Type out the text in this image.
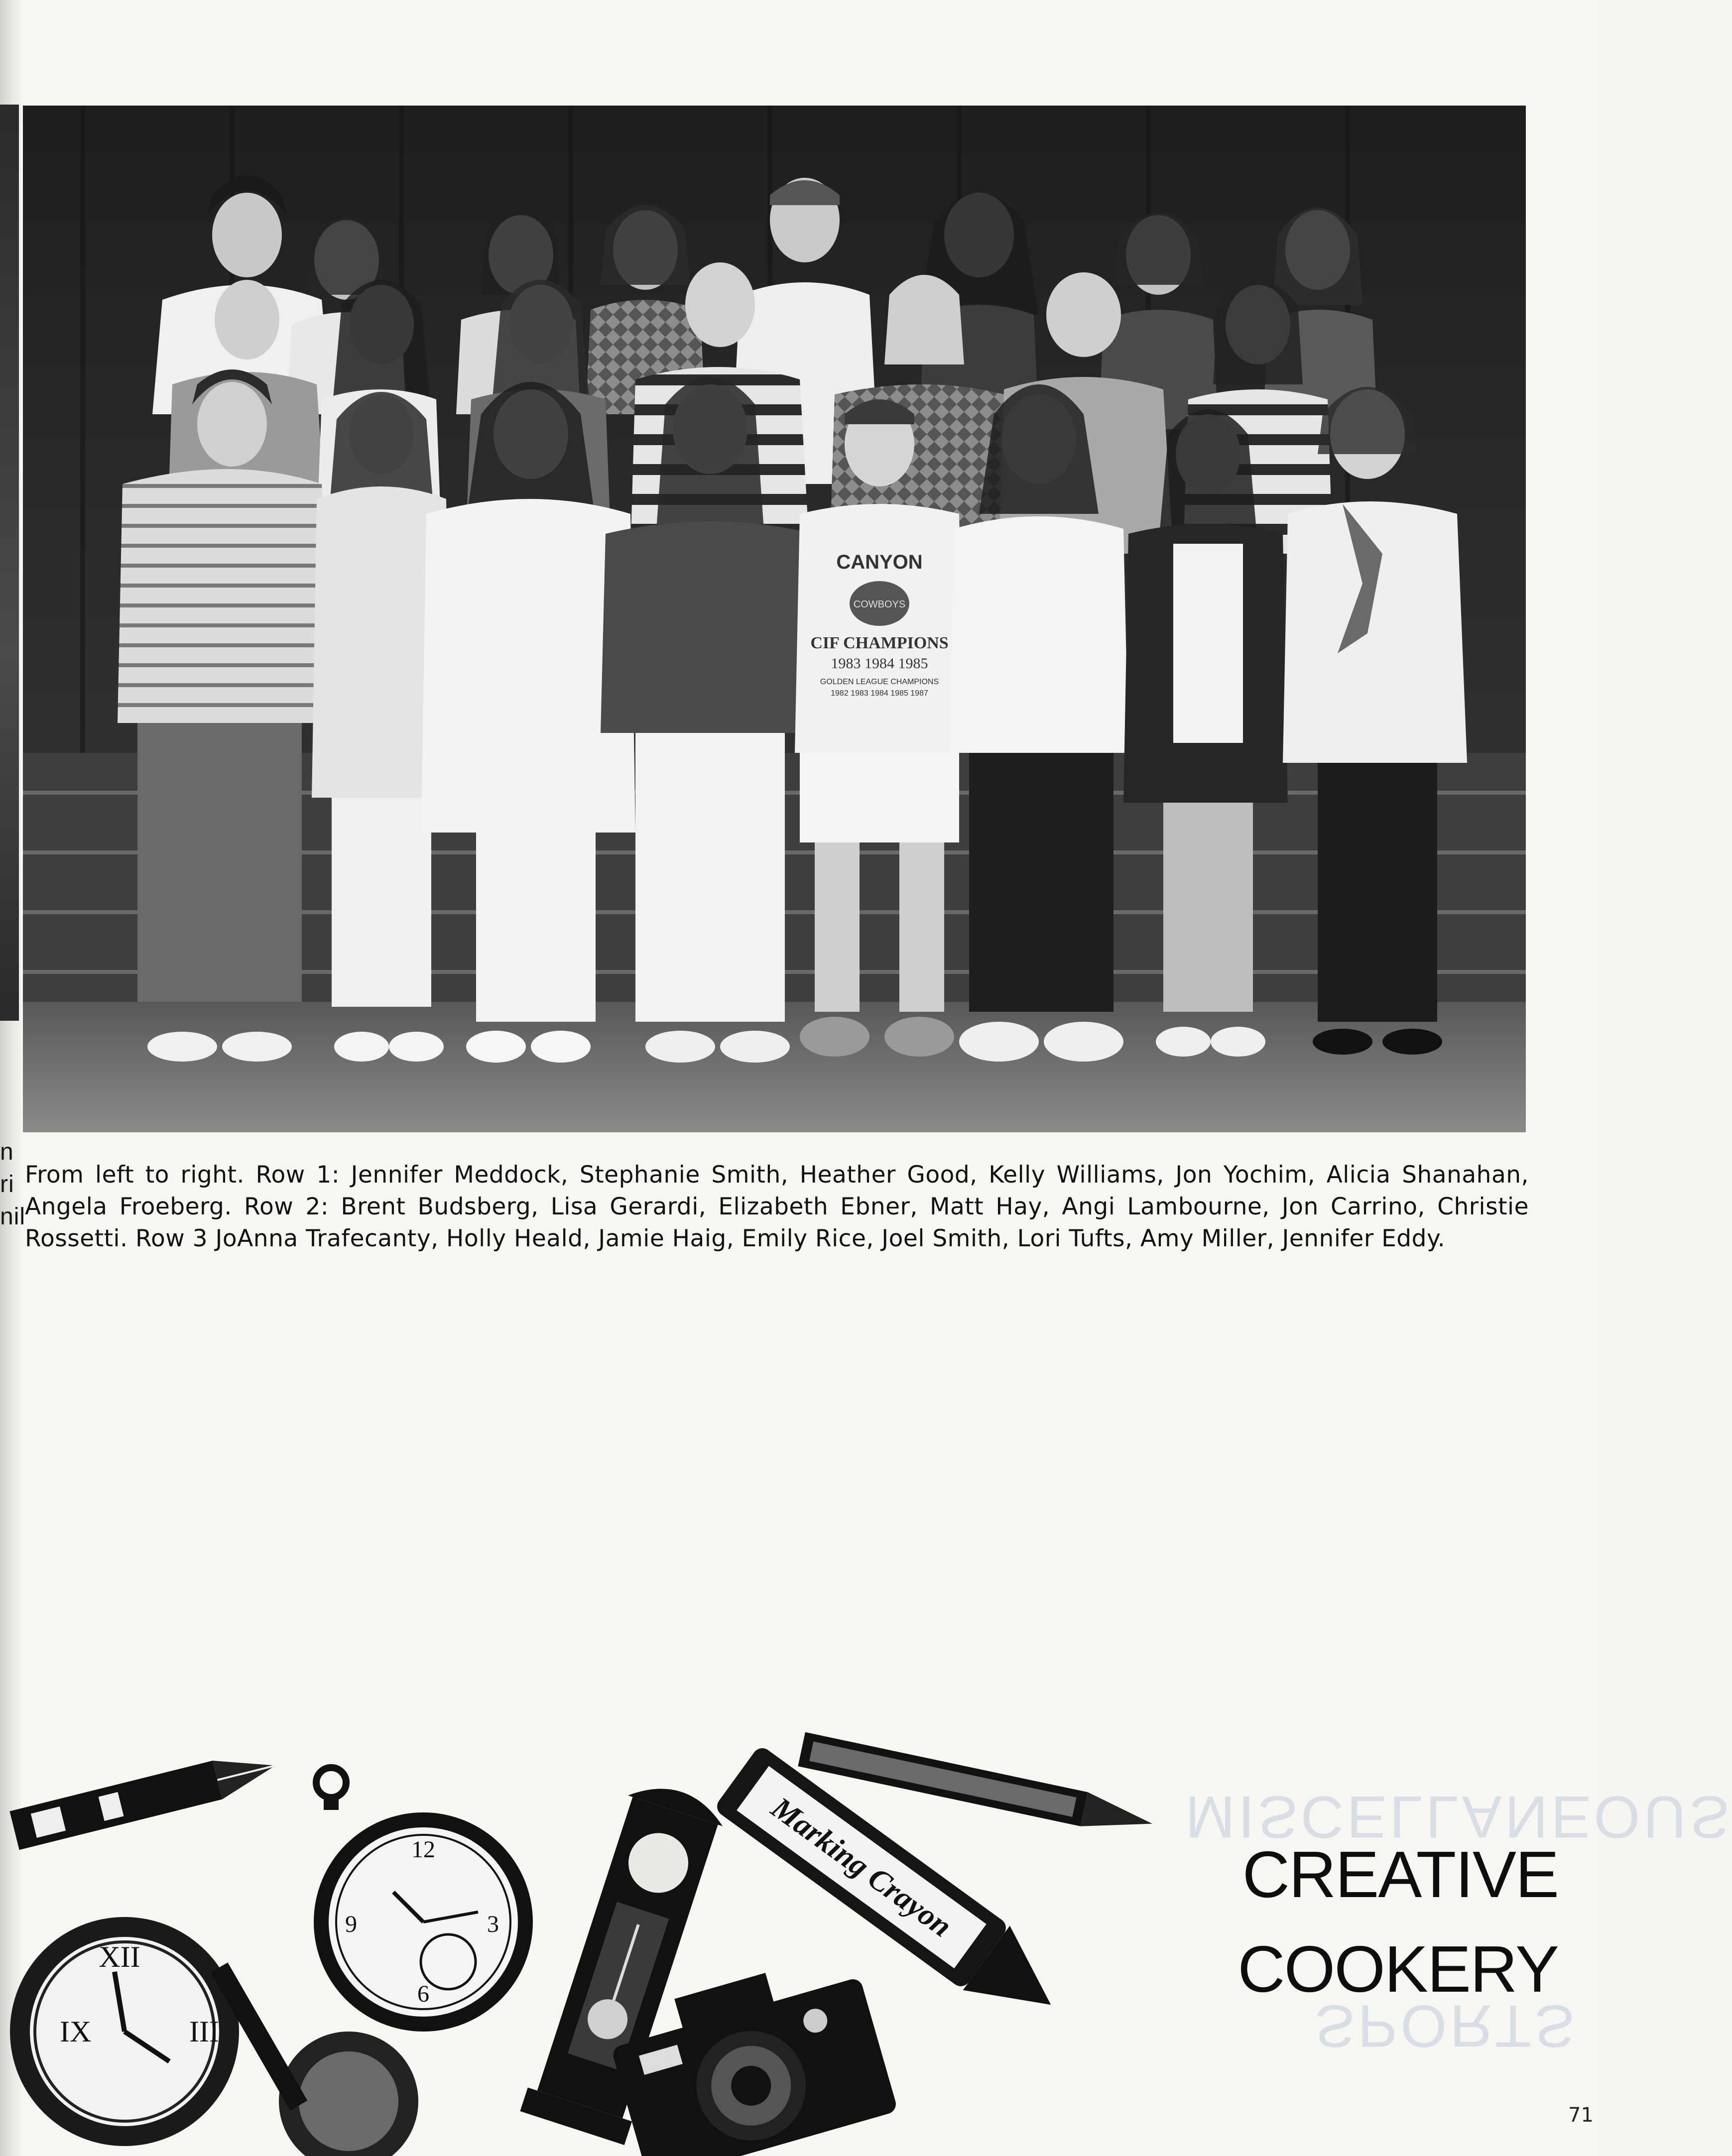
n
ri
nil
CANYON
COWBOYS
CIF CHAMPIONS
1983 1984 1985
GOLDEN LEAGUE CHAMPIONS
1982 1983 1984 1985 1987
From left to right. Row 1: Jennifer Meddock, Stephanie Smith, Heather Good, Kelly Williams, Jon Yochim, Alicia Shanahan, Angela Froeberg. Row 2: Brent Budsberg, Lisa Gerardi, Elizabeth Ebner, Matt Hay, Angi Lambourne, Jon Carrino, Christie Rossetti. Row 3 JoAnna Trafecanty, Holly Heald, Jamie Haig, Emily Rice, Joel Smith, Lori Tufts, Amy Miller, Jennifer Eddy.
MISCELLANEOUS
SPORTS
XII
IX	III
12
3
6
9	Marking Crayon	CREATIVE
COOKERY
71
